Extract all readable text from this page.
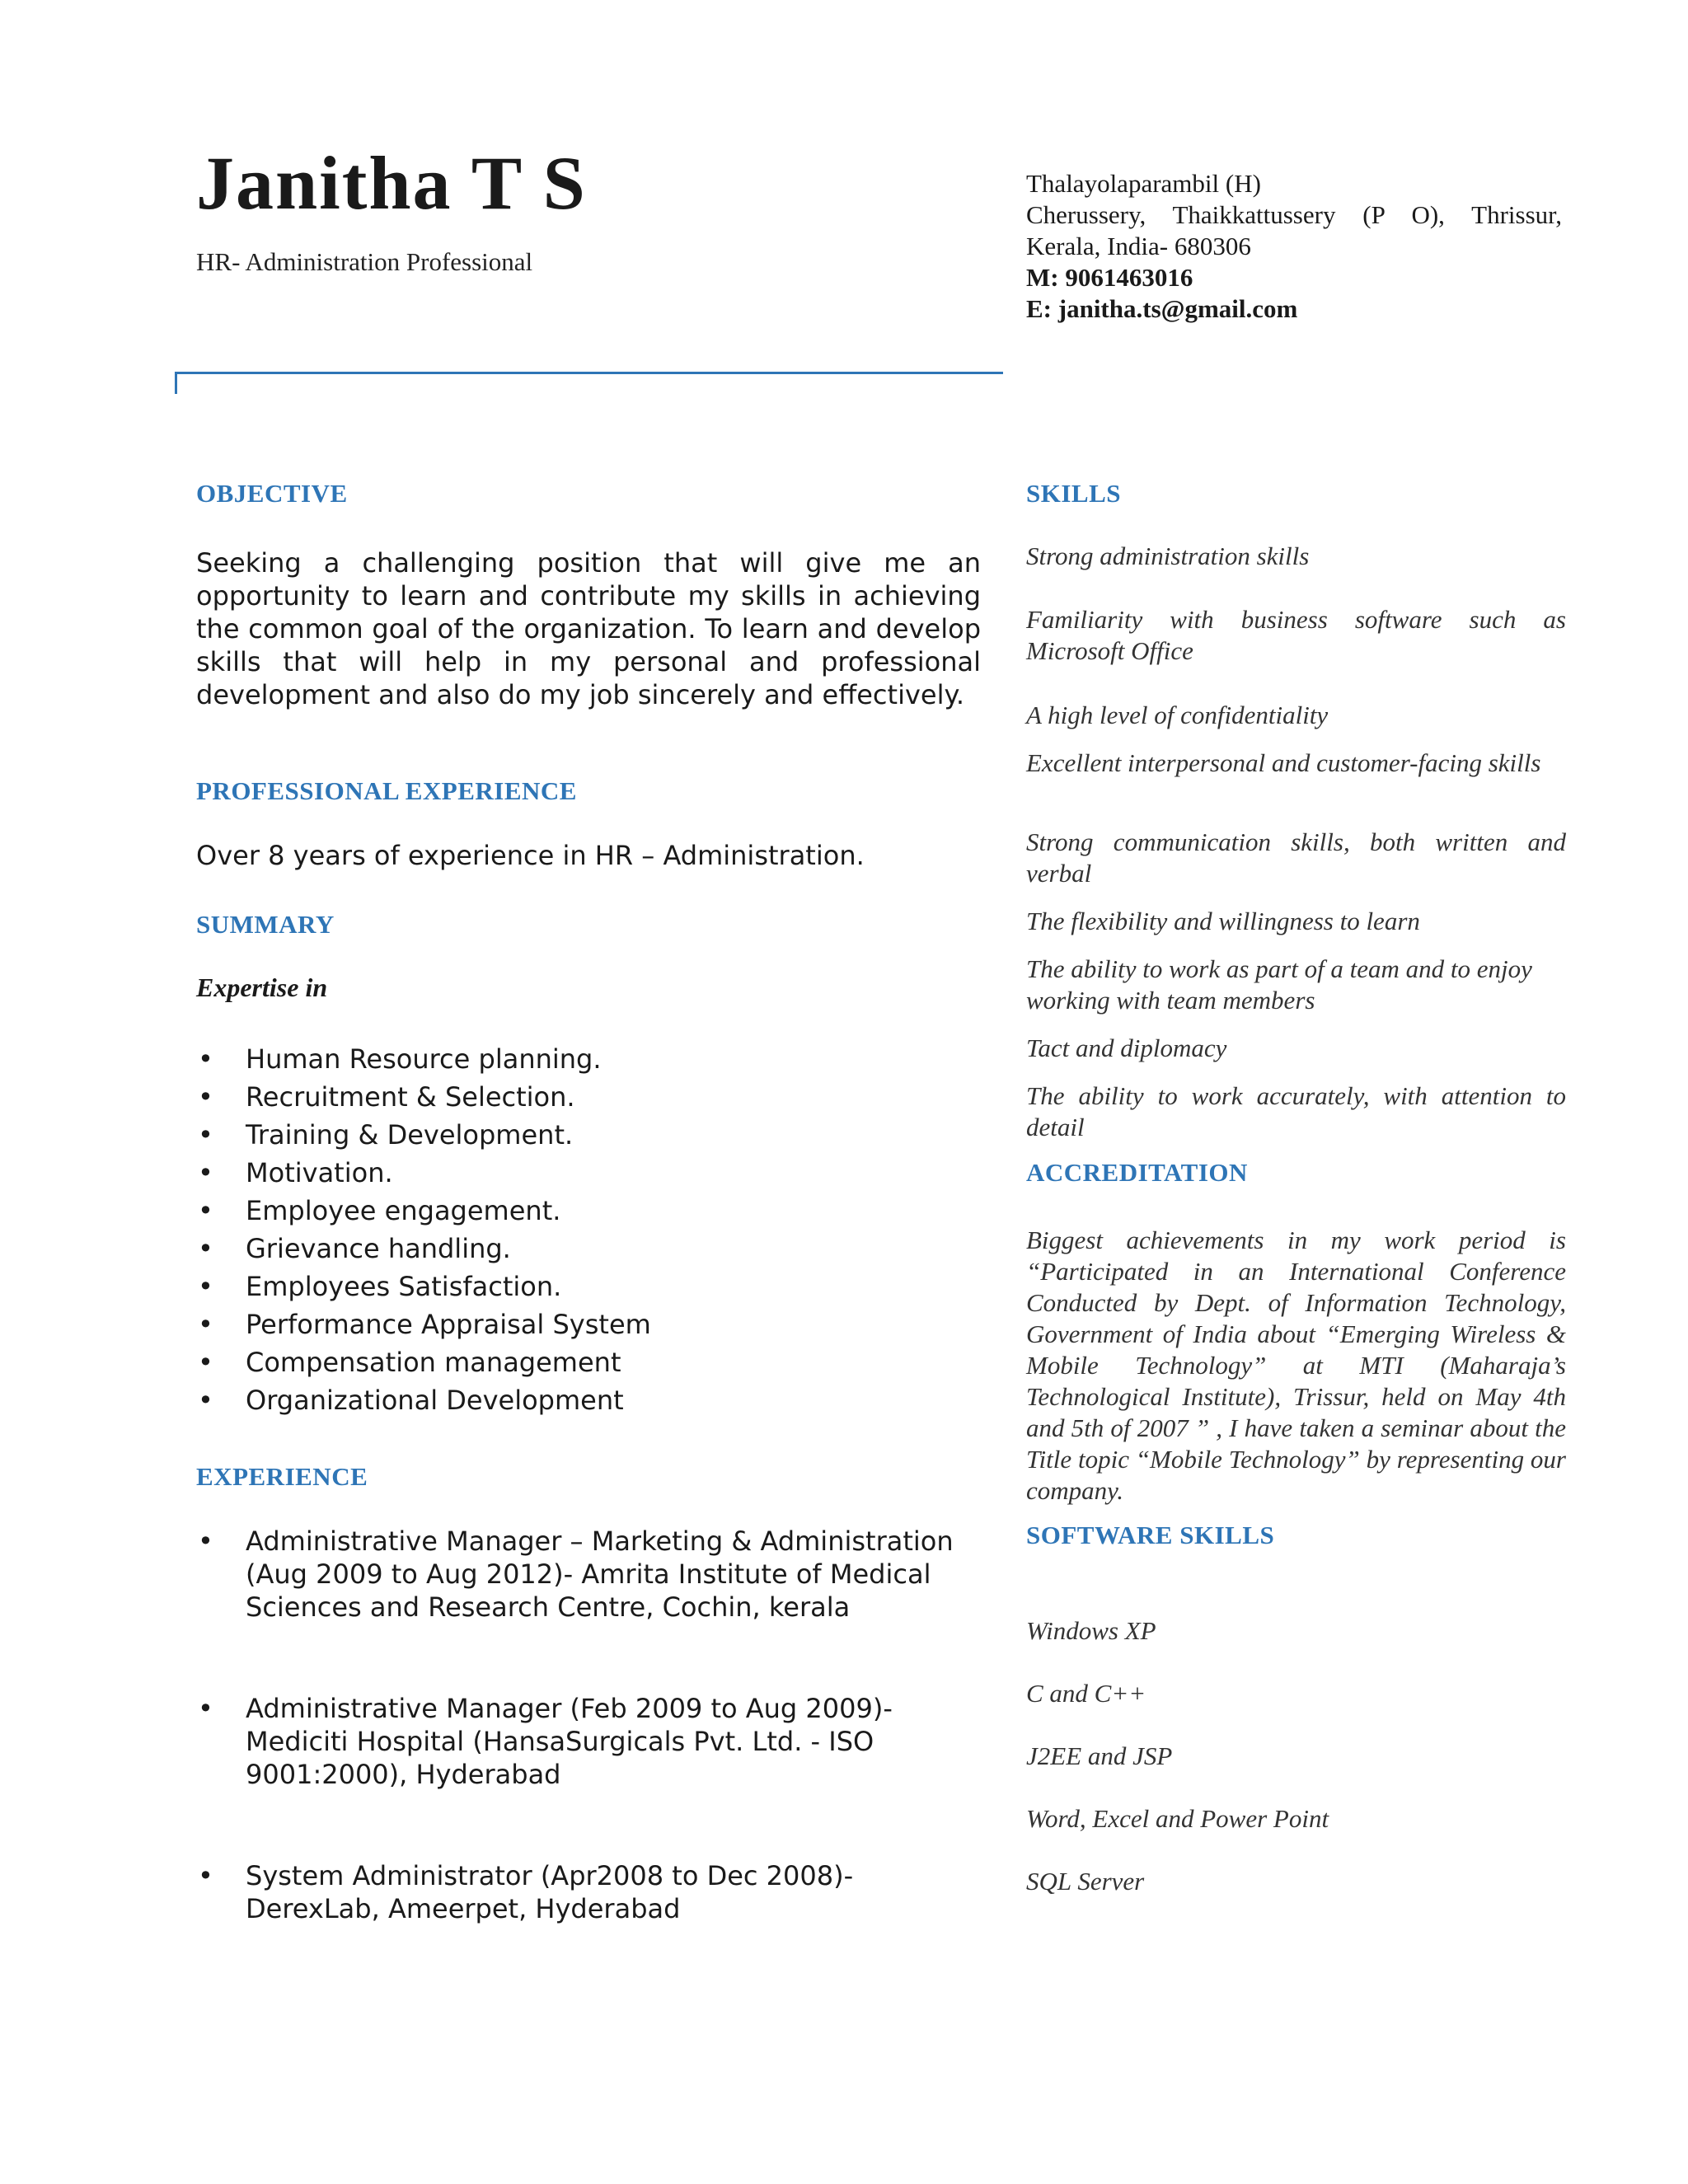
Janitha T S
HR- Administration Professional
Thalayolaparambil (H)
Cherussery, Thaikkattussery (P O), Thrissur,
Kerala, India- 680306
M: 9061463016
E: janitha.ts@gmail.com
OBJECTIVE
Seeking a challenging position that will give me an opportunity to learn and contribute my skills in achieving the common goal of the organization. To learn and develop skills that will help in my personal and professional development and also do my job sincerely and effectively.
PROFESSIONAL EXPERIENCE
Over 8 years of experience in HR – Administration.
SUMMARY
Expertise in
• Human Resource planning.
• Recruitment & Selection.
• Training & Development.
• Motivation.
• Employee engagement.
• Grievance handling.
• Employees Satisfaction.
• Performance Appraisal System
• Compensation management
• Organizational Development
EXPERIENCE
• Administrative Manager – Marketing & Administration (Aug 2009 to Aug 2012)- Amrita Institute of Medical Sciences and Research Centre, Cochin, kerala
• Administrative Manager (Feb 2009 to Aug 2009)- Mediciti Hospital (HansaSurgicals Pvt. Ltd. - ISO 9001:2000), Hyderabad
• System Administrator (Apr2008 to Dec 2008)- DerexLab, Ameerpet, Hyderabad
SKILLS
Strong administration skills
Familiarity with business software such as Microsoft Office
A high level of confidentiality
Excellent interpersonal and customer-facing skills
Strong communication skills, both written and verbal
The flexibility and willingness to learn
The ability to work as part of a team and to enjoy working with team members
Tact and diplomacy
The ability to work accurately, with attention to detail
ACCREDITATION
Biggest achievements in my work period is “Participated in an International Conference Conducted by Dept. of Information Technology, Government of India about “Emerging Wireless & Mobile Technology” at MTI (Maharaja’s Technological Institute), Trissur, held on May 4th and 5th of 2007 ” , I have taken a seminar about the Title topic “Mobile Technology” by representing our company.
SOFTWARE SKILLS
Windows XP
C and C++
J2EE and JSP
Word, Excel and Power Point
SQL Server
